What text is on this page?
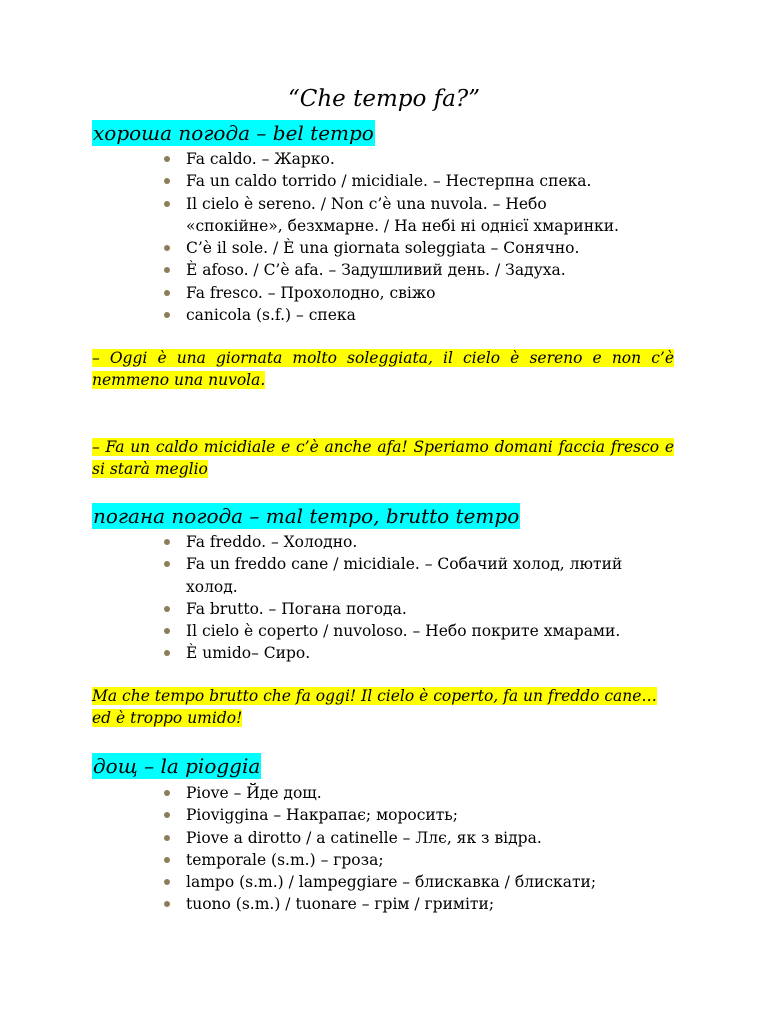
“Che tempo fa?”
хороша погода – bel tempo
Fa caldo. – Жарко.
Fa un caldo torrido / micidiale. – Нестерпна спека.
Il cielo è sereno. / Non c’è una nuvola. – Небо «спокійне», безхмарне. / На небі ні однієї хмаринки.
C’è il sole. / È una giornata soleggiata – Сонячно.
È afoso. / C’è afa. – Задушливий день. / Задуха.
Fa fresco. – Прохолодно, свіжо
canicola (s.f.) – спека
– Oggi è una giornata molto soleggiata, il cielo è sereno e non c’è nemmeno una nuvola.
– Fa un caldo micidiale e c’è anche afa! Speriamo domani faccia fresco e si starà meglio
погана погода – mal tempo, brutto tempo
Fa freddo. – Холодно.
Fa un freddo cane / micidiale. – Собачий холод, лютий холод.
Fa brutto. – Погана погода.
Il cielo è coperto / nuvoloso. – Небо покрите хмарами.
È umido– Сиро.
Ma che tempo brutto che fa oggi! Il cielo è coperto, fa un freddo cane… ed è troppo umido!
дощ – la pioggia
Piove – Йде дощ.
Pioviggina – Накрапає; моросить;
Piove a dirotto / a catinelle – Ллє, як з відра.
temporale (s.m.) – гроза;
lampo (s.m.) / lampeggiare – блискавка / блискати;
tuono (s.m.) / tuonare – грім / гриміти;
